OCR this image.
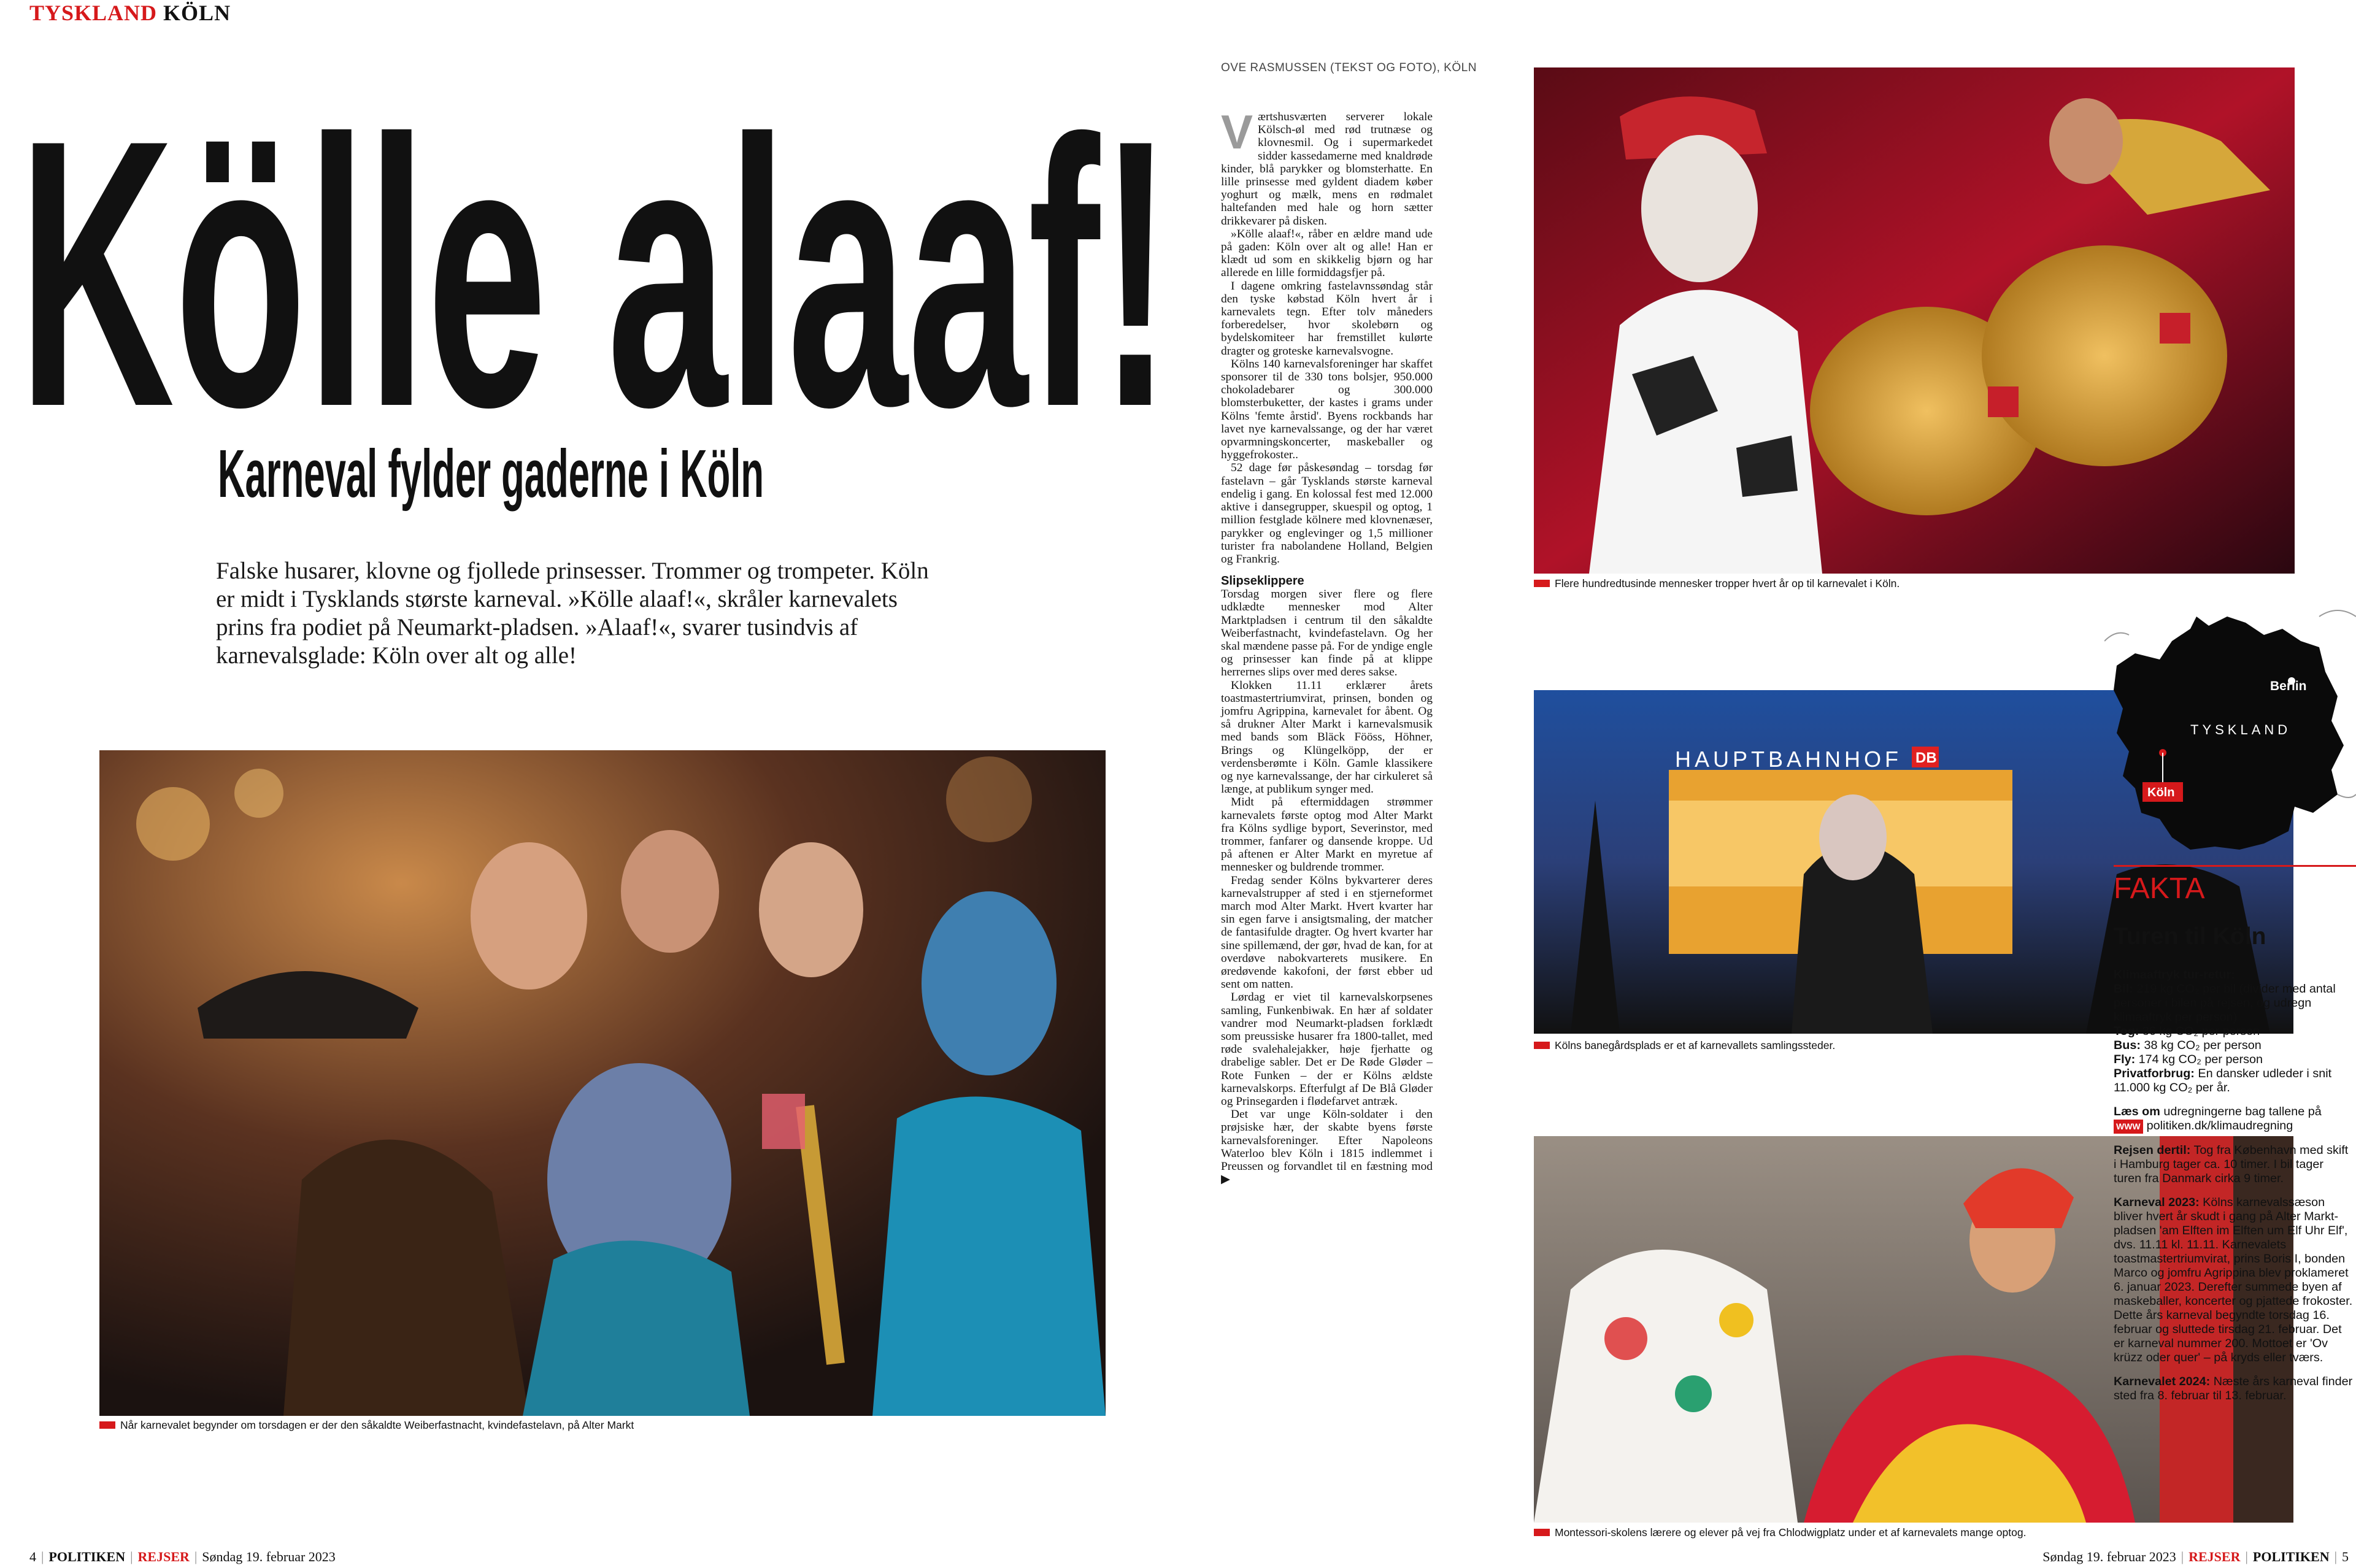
TYSKLAND KÖLN
Kölle alaaf!
Karneval fylder gaderne i Köln
Falske husarer, klovne og fjollede prinsesser. Trommer og trompeter. Köln er midt i Tysklands største karneval. »Kölle alaaf!«, skråler karnevalets prins fra podiet på Neumarkt-pladsen. »Alaaf!«, svarer tusindvis af karnevalsglade: Köln over alt og alle!
Når karnevalet begynder om torsdagen er der den såkaldte Weiberfastnacht, kvindefastelavn, på Alter Markt
OVE RASMUSSEN (TEKST OG FOTO), KÖLN

Værtshusværten serverer lokale Kölsch-øl med rød trutnæse og klovnesmil. Og i supermarkedet sidder kassedamerne med knaldrøde kinder, blå parykker og blomsterhatte. En lille prinsesse med gyldent diadem køber yoghurt og mælk, mens en rødmalet haltefanden med hale og horn sætter drikkevarer på disken.

»Kölle alaaf!«, råber en ældre mand ude på gaden: Köln over alt og alle! Han er klædt ud som en skikkelig bjørn og har allerede en lille formiddagsfjer på.

I dagene omkring fastelavnssøndag står den tyske købstad Köln hvert år i karnevalets tegn. Efter tolv måneders forberedelser, hvor skolebørn og bydelskomiteer har fremstillet kulørte dragter og groteske karnevalsvogne.

Kölns 140 karnevalsforeninger har skaffet sponsorer til de 330 tons bolsjer, 950.000 chokoladebarer og 300.000 blomsterbuketter, der kastes i grams under Kölns 'femte årstid'. Byens rockbands har lavet nye karnevalssange, og der har været opvarmningskoncerter, maskeballer og hyggefrokoster..

52 dage før påskesøndag – torsdag før fastelavn – går Tysklands største karneval endelig i gang. En kolossal fest med 12.000 aktive i dansegrupper, skuespil og optog, 1 million festglade kölnere med klovnenæser, parykker og englevinger og 1,5 millioner turister fra nabolandene Holland, Belgien og Frankrig.

Slipseklippere

Torsdag morgen siver flere og flere udklædte mennesker mod Alter Marktpladsen i centrum til den såkaldte Weiberfastnacht, kvindefastelavn. Og her skal mændene passe på. For de yndige engle og prinsesser kan finde på at klippe herrernes slips over med deres sakse.

Klokken 11.11 erklærer årets toastmastertriumvirat, prinsen, bonden og jomfru Agrippina, karnevalet for åbent. Og så drukner Alter Markt i karnevalsmusik med bands som Bläck Fööss, Höhner, Brings og Klüngelköpp, der er verdensberømte i Köln. Gamle klassikere og nye karnevalssange, der har cirkuleret så længe, at publikum synger med.

Midt på eftermiddagen strømmer karnevalets første optog mod Alter Markt fra Kölns sydlige byport, Severinstor, med trommer, fanfarer og dansende kroppe. Ud på aftenen er Alter Markt en myretue af mennesker og buldrende trommer.

Fredag sender Kölns bykvarterer deres karnevalstrupper af sted i en stjerneformet march mod Alter Markt. Hvert kvarter har sin egen farve i ansigtsmaling, der matcher de fantasifulde dragter. Og hvert kvarter har sine spillemænd, der gør, hvad de kan, for at overdøve nabokvarterets musikere. En øredøvende kakofoni, der først ebber ud sent om natten.

Lørdag er viet til karnevalskorpsenes samling, Funkenbiwak. En hær af soldater vandrer mod Neumarkt-pladsen forklædt som preussiske husarer fra 1800-tallet, med røde svalehalejakker, høje fjerhatte og drabelige sabler. Det er De Røde Gløder – Rote Funken – der er Kölns ældste karnevalskorps. Efterfulgt af De Blå Gløder og Prinsegarden i flødefarvet antræk.

Det var unge Köln-soldater i den prøjsiske hær, der skabte byens første karnevalsforeninger. Efter Napoleons Waterloo blev Köln i 1815 indlemmet i Preussen og forvandlet til en fæstning mod ▶

Flere hundredtusinde mennesker tropper hvert år op til karnevalet i Köln.
HAUPTBAHNHOF DB
Kölns banegårdsplads er et af karnevallets samlingssteder.
Montessori-skolens lærere og elever på vej fra Chlodwigplatz under et af karnevalets mange optog.
Berlin
TYSKLAND
Köln
FAKTA
Turen til Köln

Klimaaftryk tur-retur:
Bil: 219 kg CO₂ per bil (divider med antal personer i bilen på rejsen, og udregn klimaaftryk per person)
Tog: 36 kg CO₂ per person
Bus: 38 kg CO₂ per person
Fly: 174 kg CO₂ per person
Privatforbrug: En dansker udleder i snit 11.000 kg CO₂ per år.

Læs om udregningerne bag tallene på
WWW politiken.dk/klimaudregning

Rejsen dertil: Tog fra København med skift i Hamburg tager ca. 10 timer. I bil tager turen fra Danmark cirka 9 timer.

Karneval 2023: Kölns karnevalssæson bliver hvert år skudt i gang på Alter Markt-pladsen 'am Elften im Elften um Elf Uhr Elf', dvs. 11.11 kl. 11.11. Karnevalets toastmastertriumvirat, prins Boris I, bonden Marco og jomfru Agrippina blev proklameret 6. januar 2023. Derefter summede byen af maskeballer, koncerter og pjattede frokoster. Dette års karneval begyndte torsdag 16. februar og sluttede tirsdag 21. februar. Det er karneval nummer 200. Mottoet er 'Ov krüzz oder quer' – på kryds eller tværs.

Karnevalet 2024: Næste års karneval finder sted fra 8. februar til 13. februar.

4 | POLITIKEN | REJSER | Søndag 19. februar 2023	Søndag 19. februar 2023 | REJSER | POLITIKEN | 5
